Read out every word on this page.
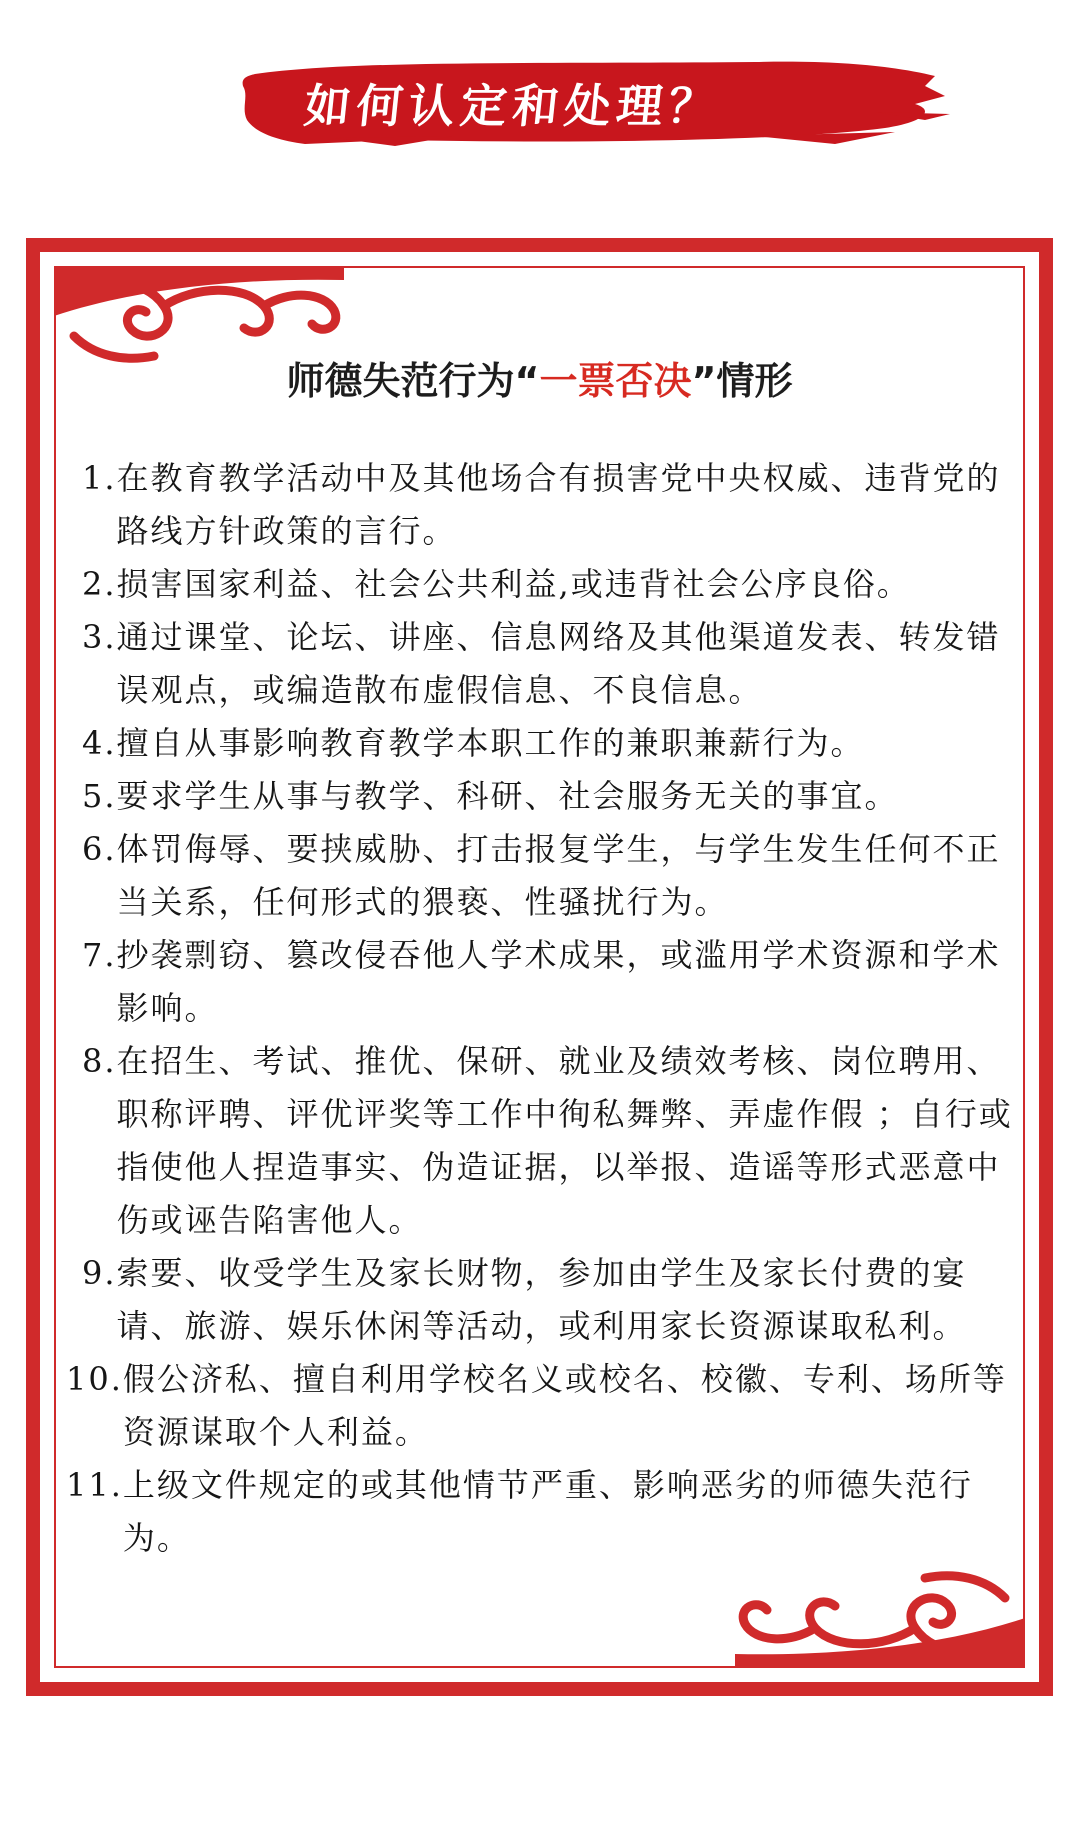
如何认定和处理？
师德失范行为“一票否决”情形
1. 在教育教学活动中及其他场合有损害党中央权威、违背党的路线方针政策的言行。
2. 损害国家利益、社会公共利益,或违背社会公序良俗。
3. 通过课堂、论坛、讲座、信息网络及其他渠道发表、转发错误观点，或编造散布虚假信息、不良信息。
4. 擅自从事影响教育教学本职工作的兼职兼薪行为。
5. 要求学生从事与教学、科研、社会服务无关的事宜。
6. 体罚侮辱、要挟威胁、打击报复学生，与学生发生任何不正当关系，任何形式的猥亵、性骚扰行为。
7. 抄袭剽窃、篡改侵吞他人学术成果，或滥用学术资源和学术影响。
8. 在招生、考试、推优、保研、就业及绩效考核、岗位聘用、职称评聘、评优评奖等工作中徇私舞弊、弄虚作假 ；自行或指使他人捏造事实、伪造证据，以举报、造谣等形式恶意中伤或诬告陷害他人。
9. 索要、收受学生及家长财物，参加由学生及家长付费的宴请、旅游、娱乐休闲等活动，或利用家长资源谋取私利。
10. 假公济私、擅自利用学校名义或校名、校徽、专利、场所等资源谋取个人利益。
11. 上级文件规定的或其他情节严重、影响恶劣的师德失范行为。
